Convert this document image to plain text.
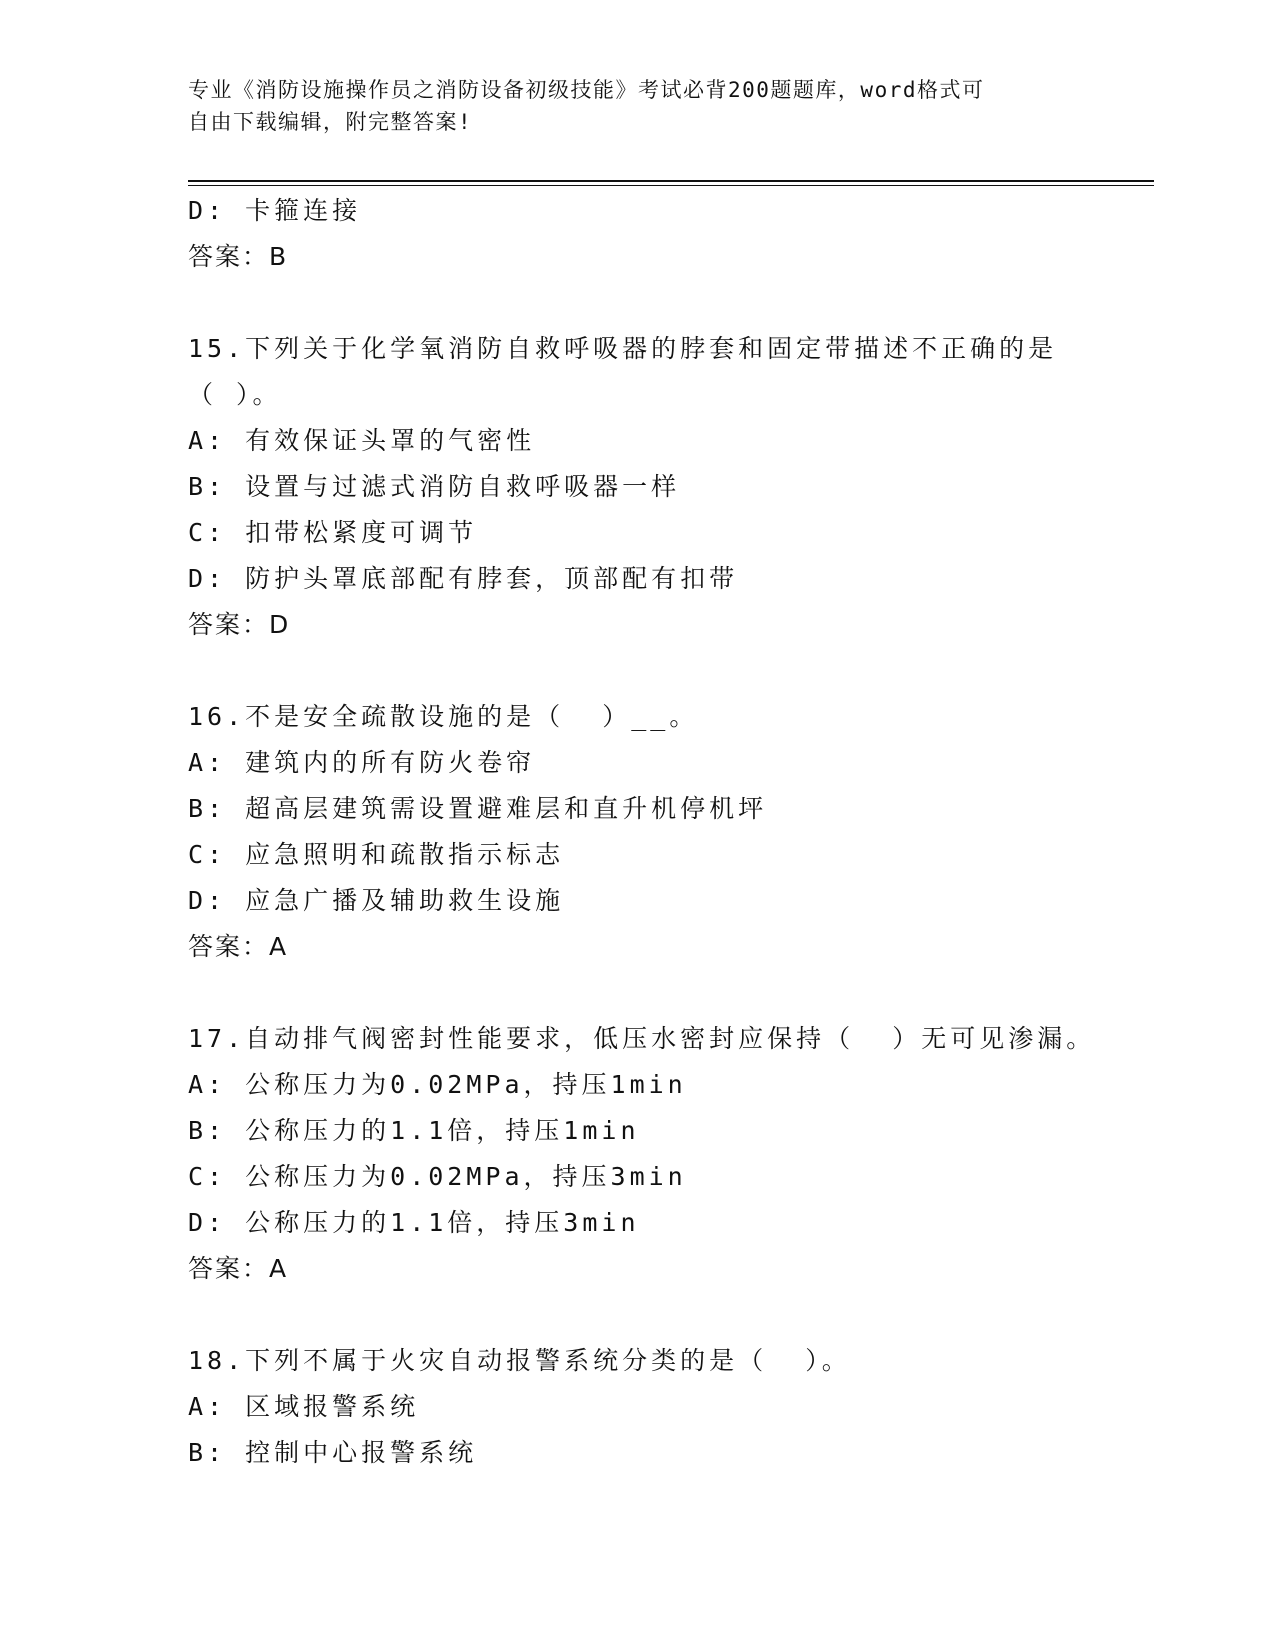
专业《消防设施操作员之消防设备初级技能》考试必背200题题库，word格式可
自由下载编辑，附完整答案!
D: 卡箍连接
答案：B
15.下列关于化学氧消防自救呼吸器的脖套和固定带描述不正确的是（ ）。
A: 有效保证头罩的气密性
B: 设置与过滤式消防自救呼吸器一样
C: 扣带松紧度可调节
D: 防护头罩底部配有脖套，顶部配有扣带
答案：D
16.不是安全疏散设施的是（  ）__。
A: 建筑内的所有防火卷帘
B: 超高层建筑需设置避难层和直升机停机坪
C: 应急照明和疏散指示标志
D: 应急广播及辅助救生设施
答案：A
17.自动排气阀密封性能要求，低压水密封应保持（  ）无可见渗漏。
A: 公称压力为0.02MPa，持压1min
B: 公称压力的1.1倍，持压1min
C: 公称压力为0.02MPa，持压3min
D: 公称压力的1.1倍，持压3min
答案：A
18.下列不属于火灾自动报警系统分类的是（  ）。
A: 区域报警系统
B: 控制中心报警系统
